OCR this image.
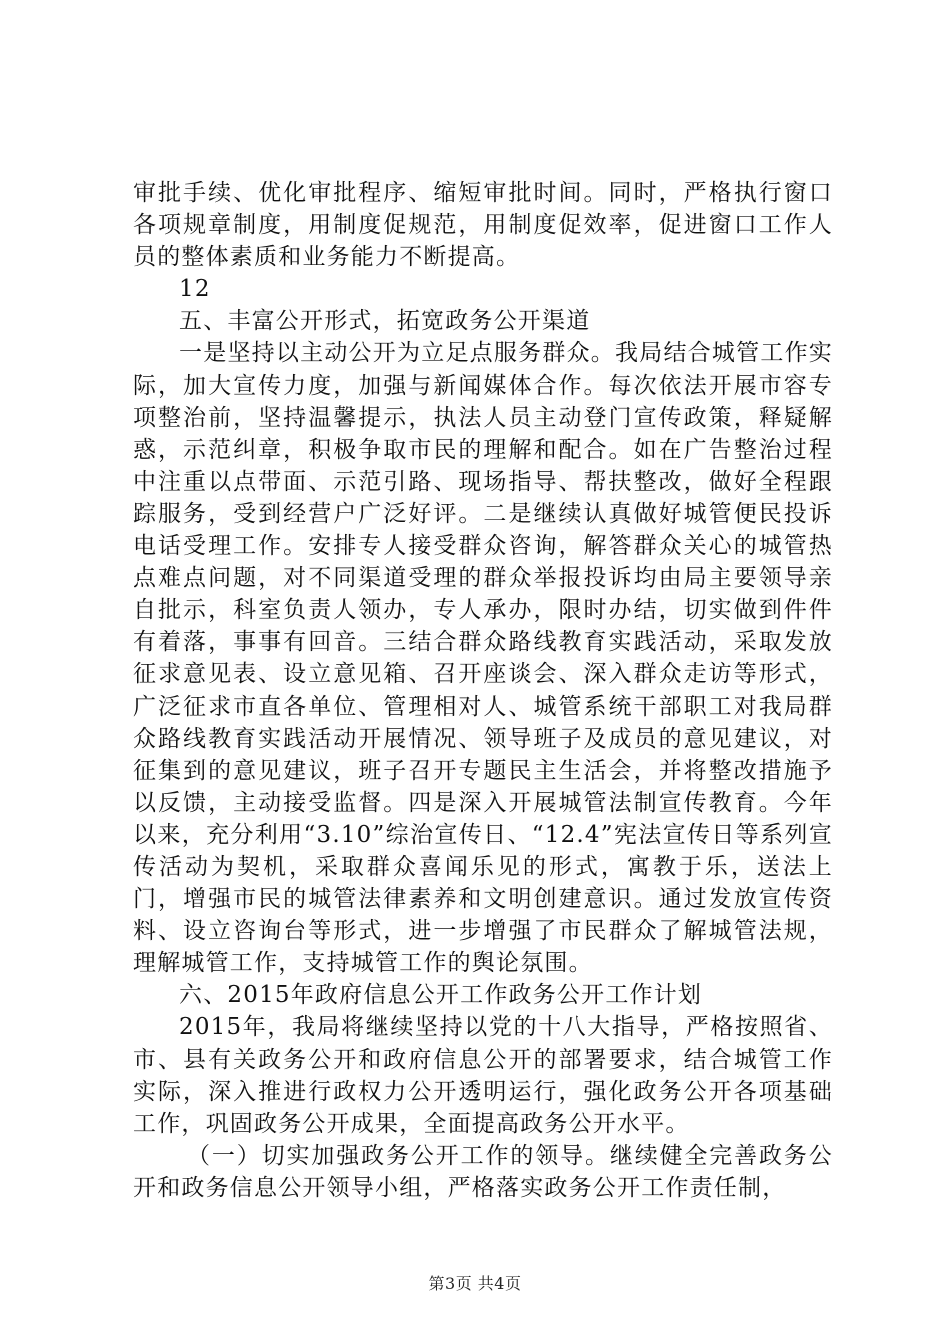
审批手续、优化审批程序、缩短审批时间。同时，严格执行窗口各项规章制度，用制度促规范，用制度促效率，促进窗口工作人员的整体素质和业务能力不断提高。

12

五、丰富公开形式，拓宽政务公开渠道

一是坚持以主动公开为立足点服务群众。我局结合城管工作实际，加大宣传力度，加强与新闻媒体合作。每次依法开展市容专项整治前，坚持温馨提示，执法人员主动登门宣传政策，释疑解惑，示范纠章，积极争取市民的理解和配合。如在广告整治过程中注重以点带面、示范引路、现场指导、帮扶整改，做好全程跟踪服务，受到经营户广泛好评。二是继续认真做好城管便民投诉电话受理工作。安排专人接受群众咨询，解答群众关心的城管热点难点问题，对不同渠道受理的群众举报投诉均由局主要领导亲自批示，科室负责人领办，专人承办，限时办结，切实做到件件有着落，事事有回音。三结合群众路线教育实践活动，采取发放征求意见表、设立意见箱、召开座谈会、深入群众走访等形式，广泛征求市直各单位、管理相对人、城管系统干部职工对我局群众路线教育实践活动开展情况、领导班子及成员的意见建议，对征集到的意见建议，班子召开专题民主生活会，并将整改措施予以反馈，主动接受监督。四是深入开展城管法制宣传教育。今年以来，充分利用“3.10”综治宣传日、“12.4”宪法宣传日等系列宣传活动为契机，采取群众喜闻乐见的形式，寓教于乐，送法上门，增强市民的城管法律素养和文明创建意识。通过发放宣传资料、设立咨询台等形式，进一步增强了市民群众了解城管法规，理解城管工作，支持城管工作的舆论氛围。

六、2015年政府信息公开工作政务公开工作计划

2015年，我局将继续坚持以党的十八大指导，严格按照省、市、县有关政务公开和政府信息公开的部署要求，结合城管工作实际，深入推进行政权力公开透明运行，强化政务公开各项基础工作，巩固政务公开成果，全面提高政务公开水平。

（一）切实加强政务公开工作的领导。继续健全完善政务公开和政务信息公开领导小组，严格落实政务公开工作责任制，

第3页 共4页
